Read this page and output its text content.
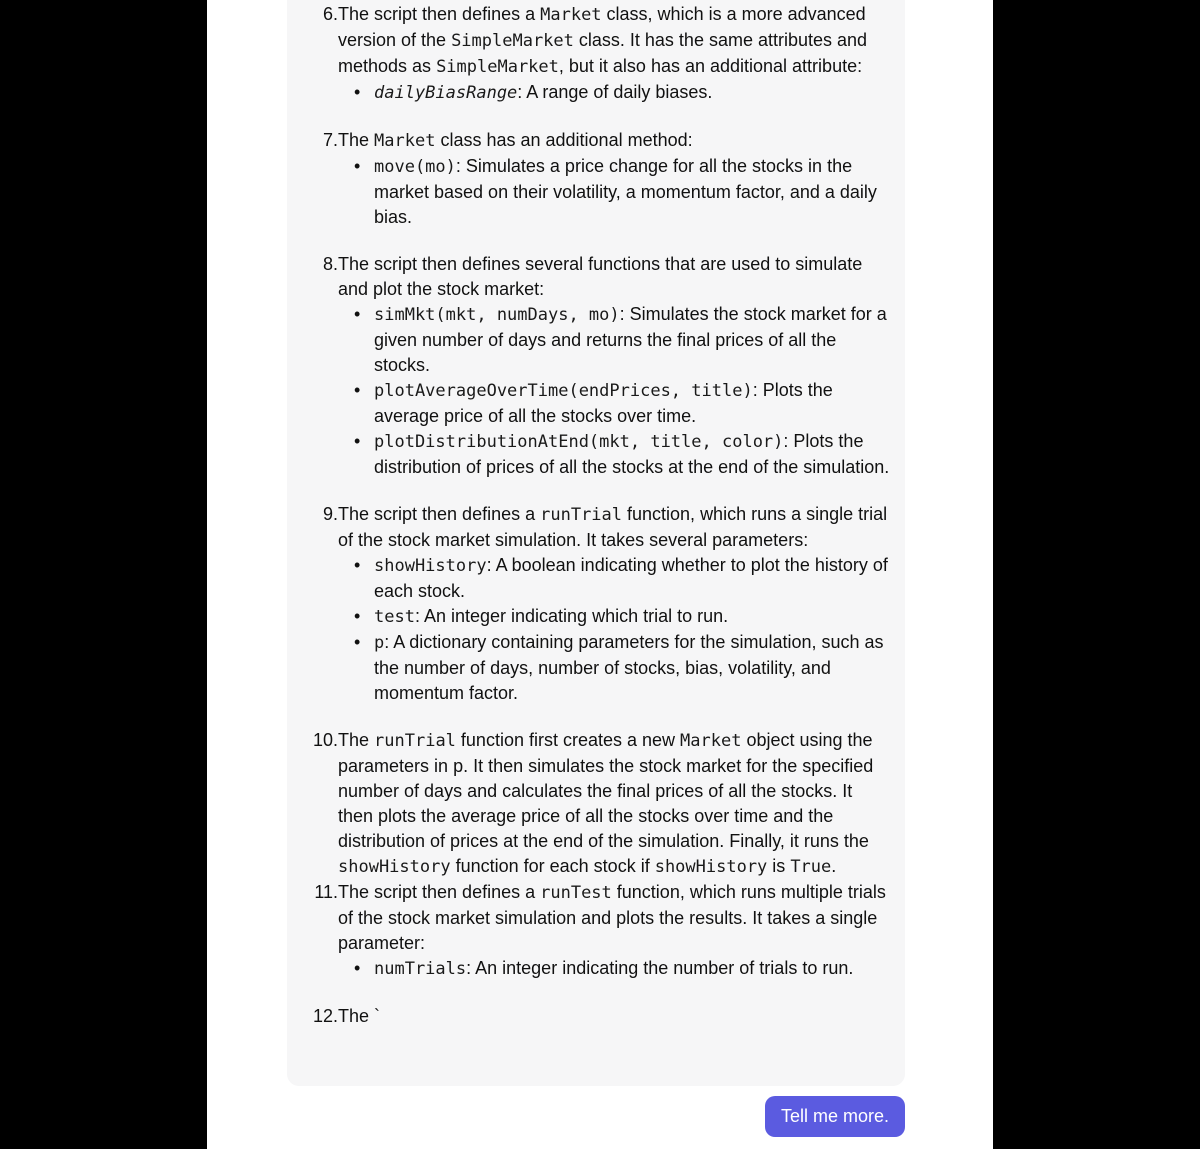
6. The script then defines a Market class, which is a more advanced version of the SimpleMarket class. It has the same attributes and methods as SimpleMarket, but it also has an additional attribute:
• dailyBiasRange: A range of daily biases.
7. The Market class has an additional method:
• move(mo): Simulates a price change for all the stocks in the market based on their volatility, a momentum factor, and a daily bias.
8. The script then defines several functions that are used to simulate and plot the stock market:
• simMkt(mkt, numDays, mo): Simulates the stock market for a given number of days and returns the final prices of all the stocks.
• plotAverageOverTime(endPrices, title): Plots the average price of all the stocks over time.
• plotDistributionAtEnd(mkt, title, color): Plots the distribution of prices of all the stocks at the end of the simulation.
9. The script then defines a runTrial function, which runs a single trial of the stock market simulation. It takes several parameters:
• showHistory: A boolean indicating whether to plot the history of each stock.
• test: An integer indicating which trial to run.
• p: A dictionary containing parameters for the simulation, such as the number of days, number of stocks, bias, volatility, and momentum factor.
10. The runTrial function first creates a new Market object using the parameters in p. It then simulates the stock market for the specified number of days and calculates the final prices of all the stocks. It then plots the average price of all the stocks over time and the distribution of prices at the end of the simulation. Finally, it runs the showHistory function for each stock if showHistory is True.
11. The script then defines a runTest function, which runs multiple trials of the stock market simulation and plots the results. It takes a single parameter:
• numTrials: An integer indicating the number of trials to run.
12. The `
Tell me more.
